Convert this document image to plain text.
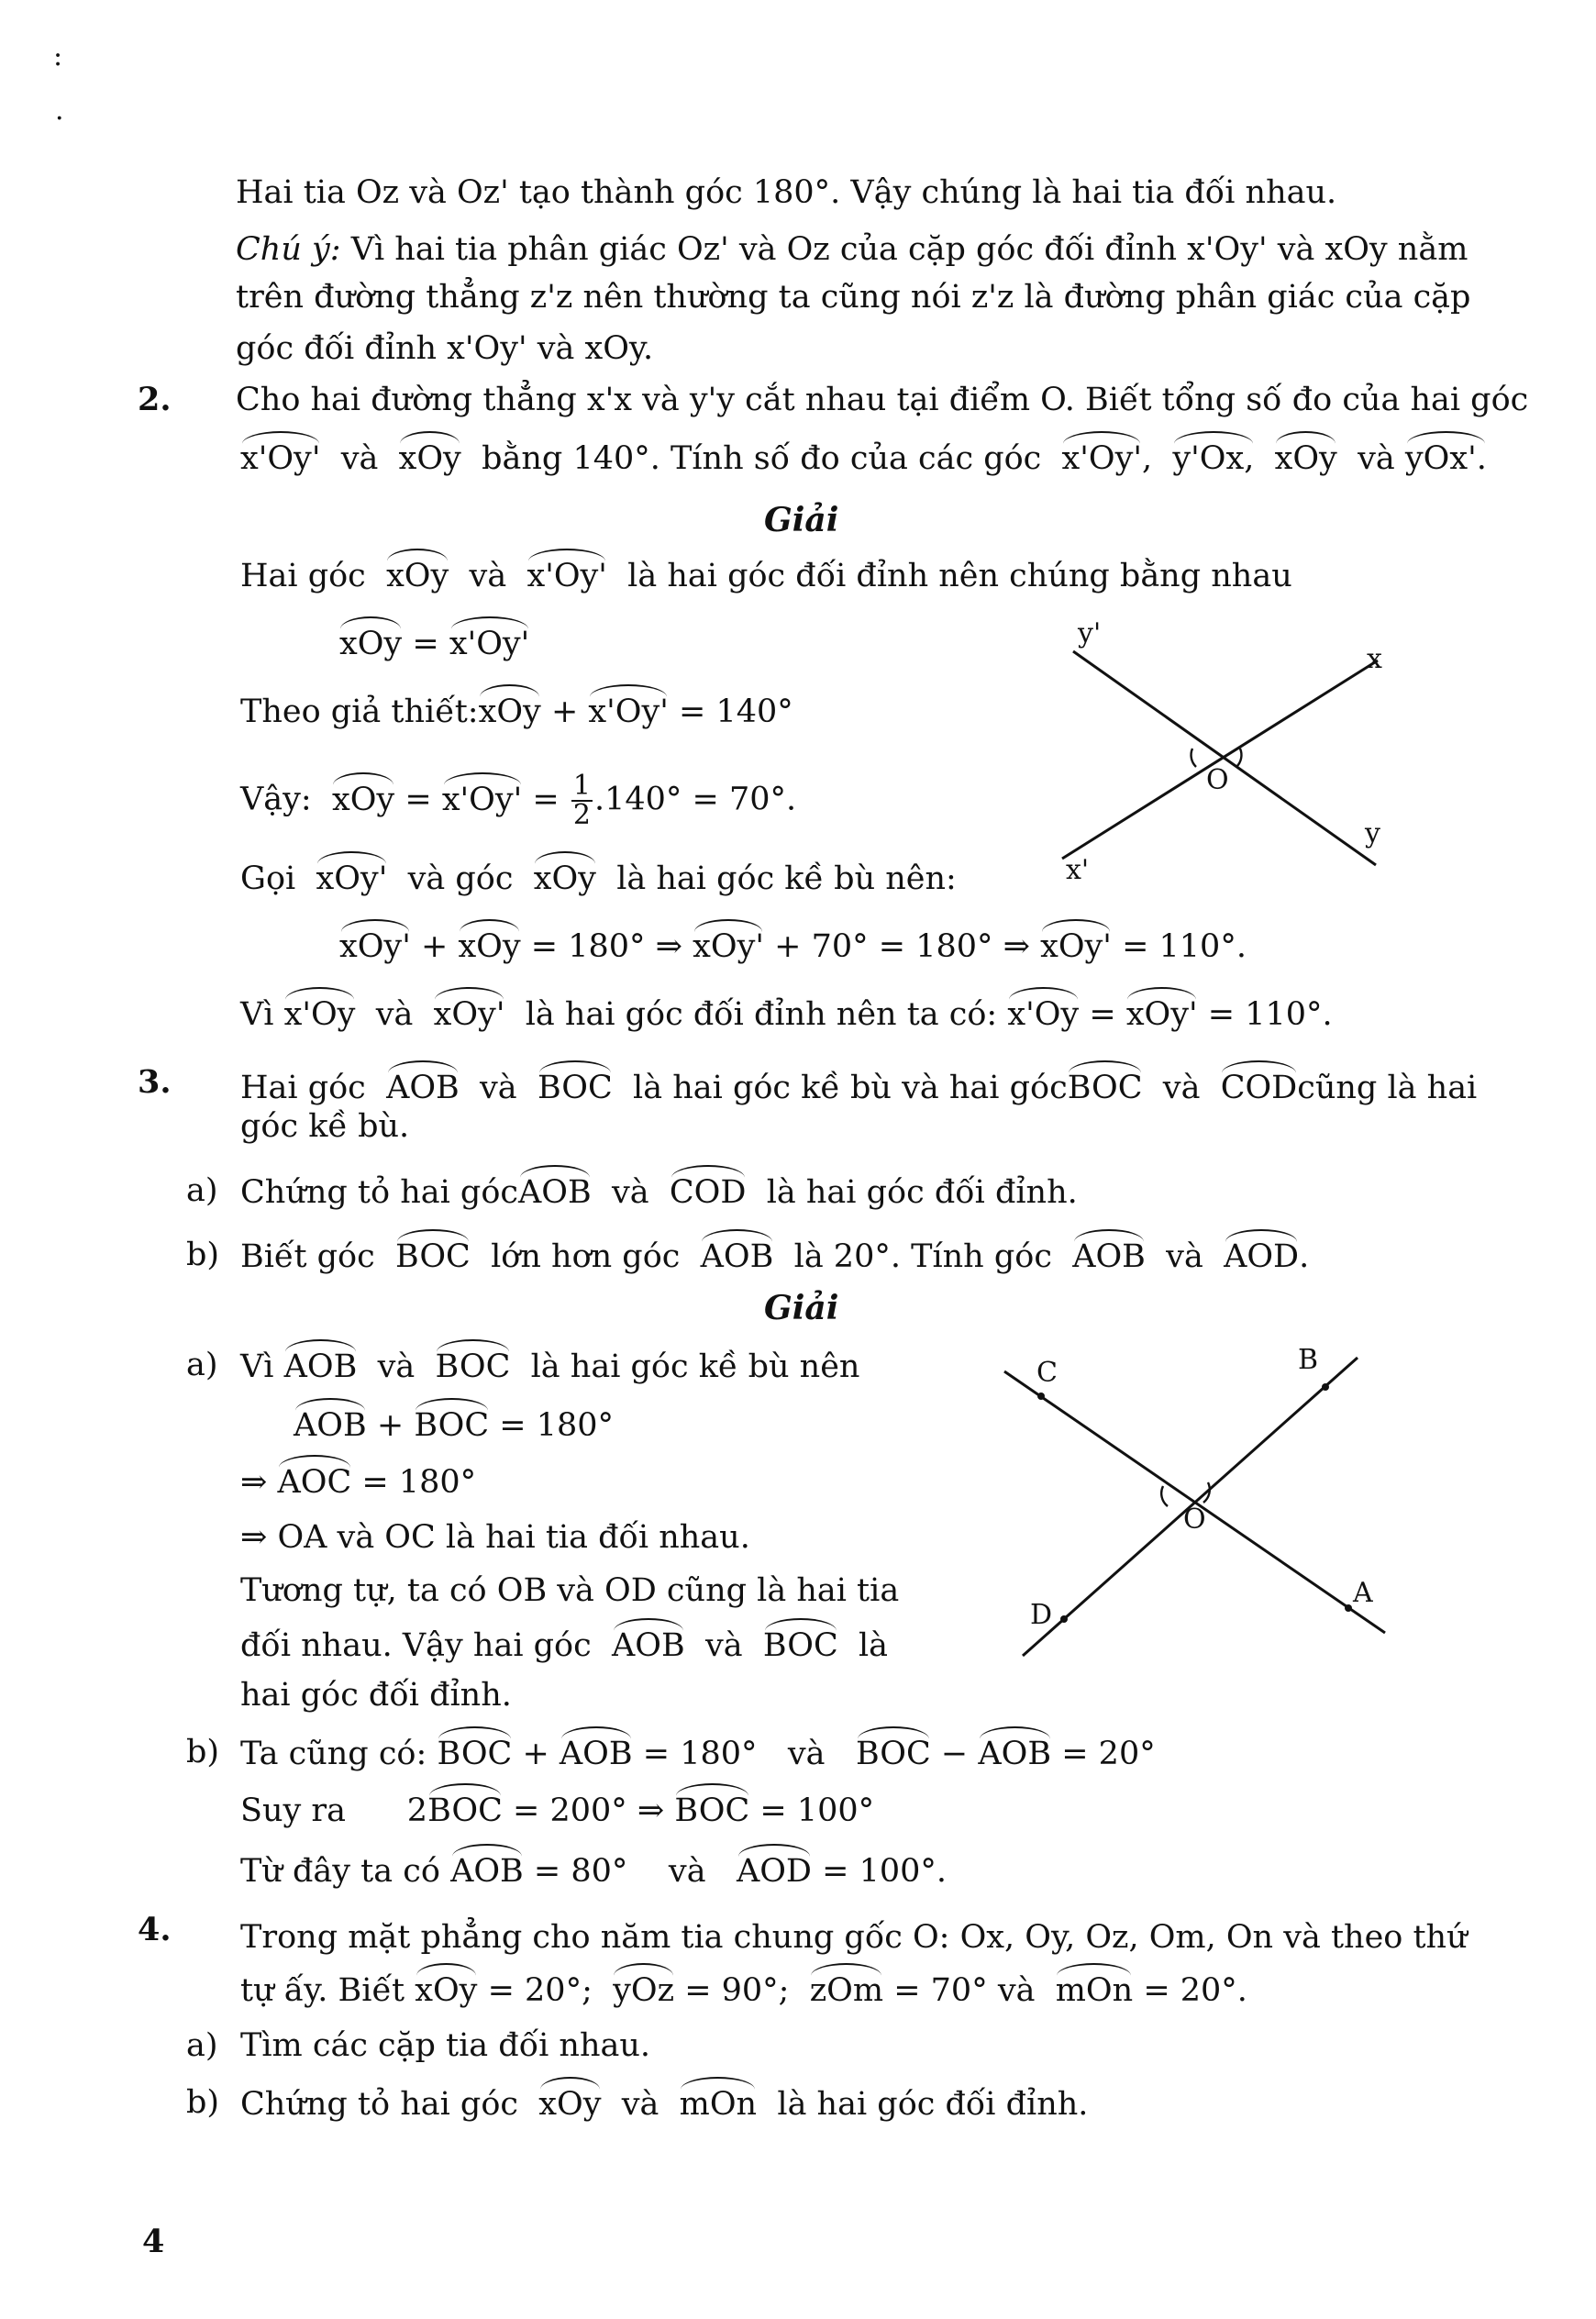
:
·
Hai tia Oz và Oz' tạo thành góc 180°. Vậy chúng là hai tia đối nhau.
Chú ý: Vì hai tia phân giác Oz' và Oz của cặp góc đối đỉnh x'Oy' và xOy nằm
trên đường thẳng z'z nên thường ta cũng nói z'z là đường phân giác của cặp
góc đối đỉnh x'Oy' và xOy.
2. Cho hai đường thẳng x'x và y'y cắt nhau tại điểm O. Biết tổng số đo của hai góc
x'Oy' và xOy bằng 140°. Tính số đo của các góc x'Oy', y'Ox, xOy và yOx'.
Giải
Hai góc xOy và x'Oy' là hai góc đối đỉnh nên chúng bằng nhau
xOy = x'Oy'
Theo giả thiết:xOy + x'Oy' = 140°
Vậy: xOy = $x'Oy' = \frac{1}{2} .140^\circ = 70^\circ$.
Gọi xOy' và góc xOy là hai góc kề bù nên:
xOy' + xOy = 180° ⇒ xOy' + 70° = 180° ⇒ xOy' = 110°.
Vì x'Oy và xOy' là hai góc đối đỉnh nên ta có: x'Oy = xOy' = 110°.
y'
x
O
y
x'
3. Hai góc AOB và BOC là hai góc kề bù và hai gócBOC và CODcũng là hai
góc kề bù.
a) Chứng tỏ hai gócAOB và COD là hai góc đối đỉnh.
b) Biết góc BOC lớn hơn góc AOB là 20°. Tính góc AOB và AOD.
Giải
a) Vì AOB và BOC là hai góc kề bù nên
AOB + BOC = 180°
⇒ AOC = 180°
⇒ OA và OC là hai tia đối nhau.
Tương tự, ta có OB và OD cũng là hai tia
đối nhau. Vậy hai góc AOB và BOC là
hai góc đối đỉnh.
b) Ta cũng có: BOC + AOB = 180° và BOC − AOB = 20°
Suy ra 2BOC = 200° ⇒ BOC = 100°
Từ đây ta có AOB = 80° và AOD = 100°.
C	B
O
A
D
4. Trong mặt phẳng cho năm tia chung gốc O: Ox, Oy, Oz, Om, On và theo thứ
tự ấy. Biết xOy = 20°; yOz = 90°; zOm = 70° và mOn = 20°.
a) Tìm các cặp tia đối nhau.
b) Chứng tỏ hai góc xOy và mOn là hai góc đối đỉnh.
4
